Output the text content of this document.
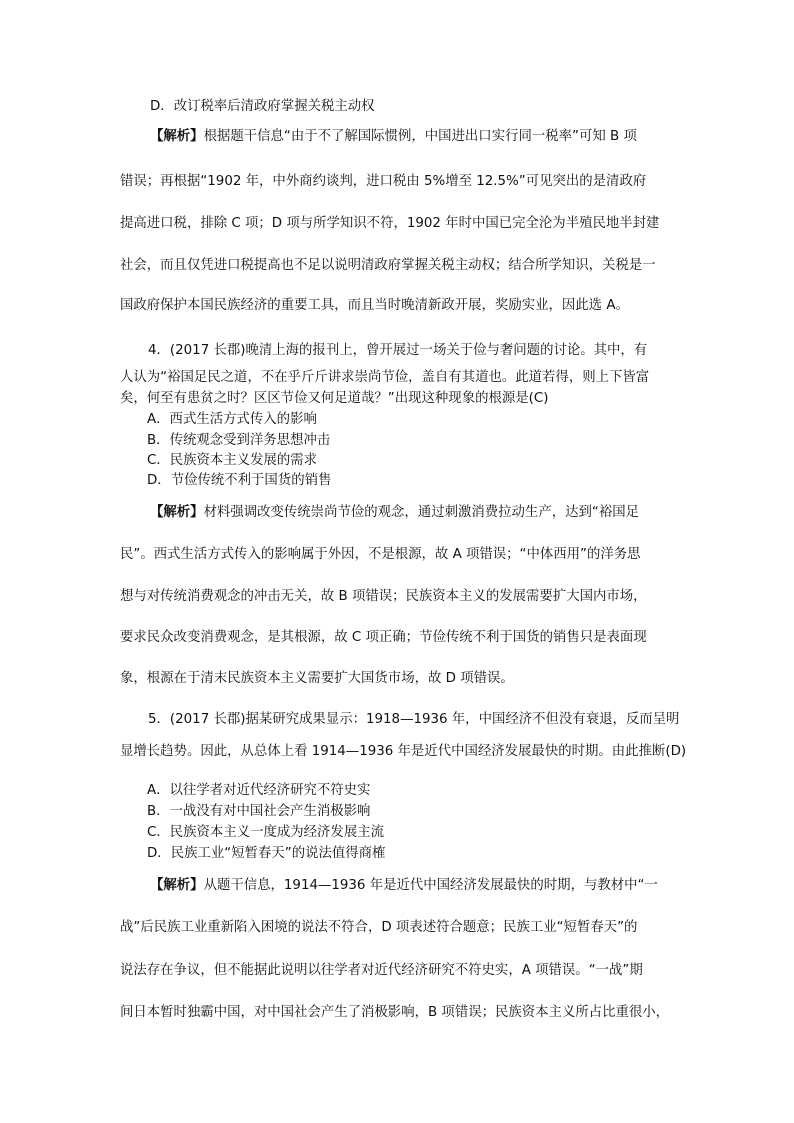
D．改订税率后清政府掌握关税主动权
【解析】根据题干信息“由于不了解国际惯例，中国进出口实行同一税率”可知 B 项
错误；再根据“1902 年，中外商约谈判，进口税由 5%增至 12.5%”可见突出的是清政府
提高进口税，排除 C 项；D 项与所学知识不符，1902 年时中国已完全沦为半殖民地半封建
社会，而且仅凭进口税提高也不足以说明清政府掌握关税主动权；结合所学知识，关税是一
国政府保护本国民族经济的重要工具，而且当时晚清新政开展，奖励实业，因此选 A。
4．(2017 长郡)晚清上海的报刊上，曾开展过一场关于俭与奢问题的讨论。其中，有
人认为“裕国足民之道，不在乎斤斤讲求崇尚节俭，盖自有其道也。此道若得，则上下皆富
矣，何至有患贫之时？区区节俭又何足道哉？”出现这种现象的根源是(C)
A．西式生活方式传入的影响
B．传统观念受到洋务思想冲击
C．民族资本主义发展的需求
D．节俭传统不利于国货的销售
【解析】材料强调改变传统崇尚节俭的观念，通过刺激消费拉动生产，达到“裕国足
民”。西式生活方式传入的影响属于外因，不是根源，故 A 项错误；“中体西用”的洋务思
想与对传统消费观念的冲击无关，故 B 项错误；民族资本主义的发展需要扩大国内市场，
要求民众改变消费观念，是其根源，故 C 项正确；节俭传统不利于国货的销售只是表面现
象，根源在于清末民族资本主义需要扩大国货市场，故 D 项错误。
5．(2017 长郡)据某研究成果显示：1918—1936 年，中国经济不但没有衰退，反而呈明
显增长趋势。因此，从总体上看 1914—1936 年是近代中国经济发展最快的时期。由此推断(D)
A．以往学者对近代经济研究不符史实
B．一战没有对中国社会产生消极影响
C．民族资本主义一度成为经济发展主流
D．民族工业“短暂春天”的说法值得商榷
【解析】从题干信息，1914—1936 年是近代中国经济发展最快的时期，与教材中“一
战”后民族工业重新陷入困境的说法不符合，D 项表述符合题意；民族工业“短暂春天”的
说法存在争议，但不能据此说明以往学者对近代经济研究不符史实，A 项错误。“一战”期
间日本暂时独霸中国，对中国社会产生了消极影响，B 项错误；民族资本主义所占比重很小，
